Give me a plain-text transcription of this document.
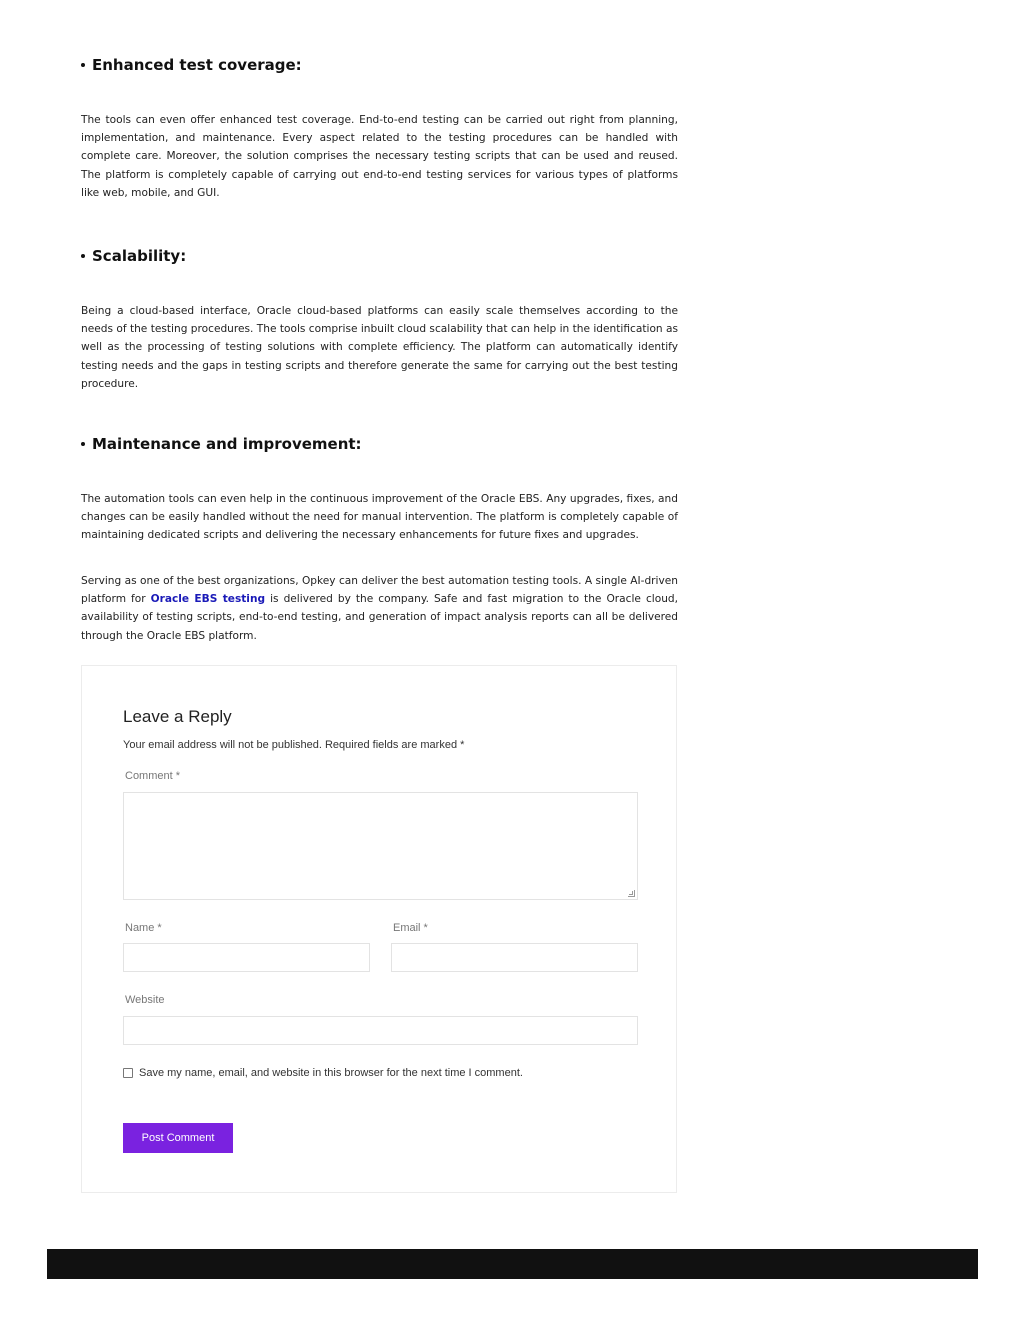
Enhanced test coverage:

The tools can even offer enhanced test coverage. End-to-end testing can be carried out right from planning, implementation, and maintenance. Every aspect related to the testing procedures can be handled with complete care. Moreover, the solution comprises the necessary testing scripts that can be used and reused. The platform is completely capable of carrying out end-to-end testing services for various types of platforms like web, mobile, and GUI.

Scalability:

Being a cloud-based interface, Oracle cloud-based platforms can easily scale themselves according to the needs of the testing procedures. The tools comprise inbuilt cloud scalability that can help in the identification as well as the processing of testing solutions with complete efficiency. The platform can automatically identify testing needs and the gaps in testing scripts and therefore generate the same for carrying out the best testing procedure.

Maintenance and improvement:

The automation tools can even help in the continuous improvement of the Oracle EBS. Any upgrades, fixes, and changes can be easily handled without the need for manual intervention. The platform is completely capable of maintaining dedicated scripts and delivering the necessary enhancements for future fixes and upgrades.

Serving as one of the best organizations, Opkey can deliver the best automation testing tools. A single AI-driven platform for Oracle EBS testing is delivered by the company. Safe and fast migration to the Oracle cloud, availability of testing scripts, end-to-end testing, and generation of impact analysis reports can all be delivered through the Oracle EBS platform.

Leave a Reply
Your email address will not be published. Required fields are marked *
Comment *
Name *	Email *
Website
Save my name, email, and website in this browser for the next time I comment.
Post Comment
